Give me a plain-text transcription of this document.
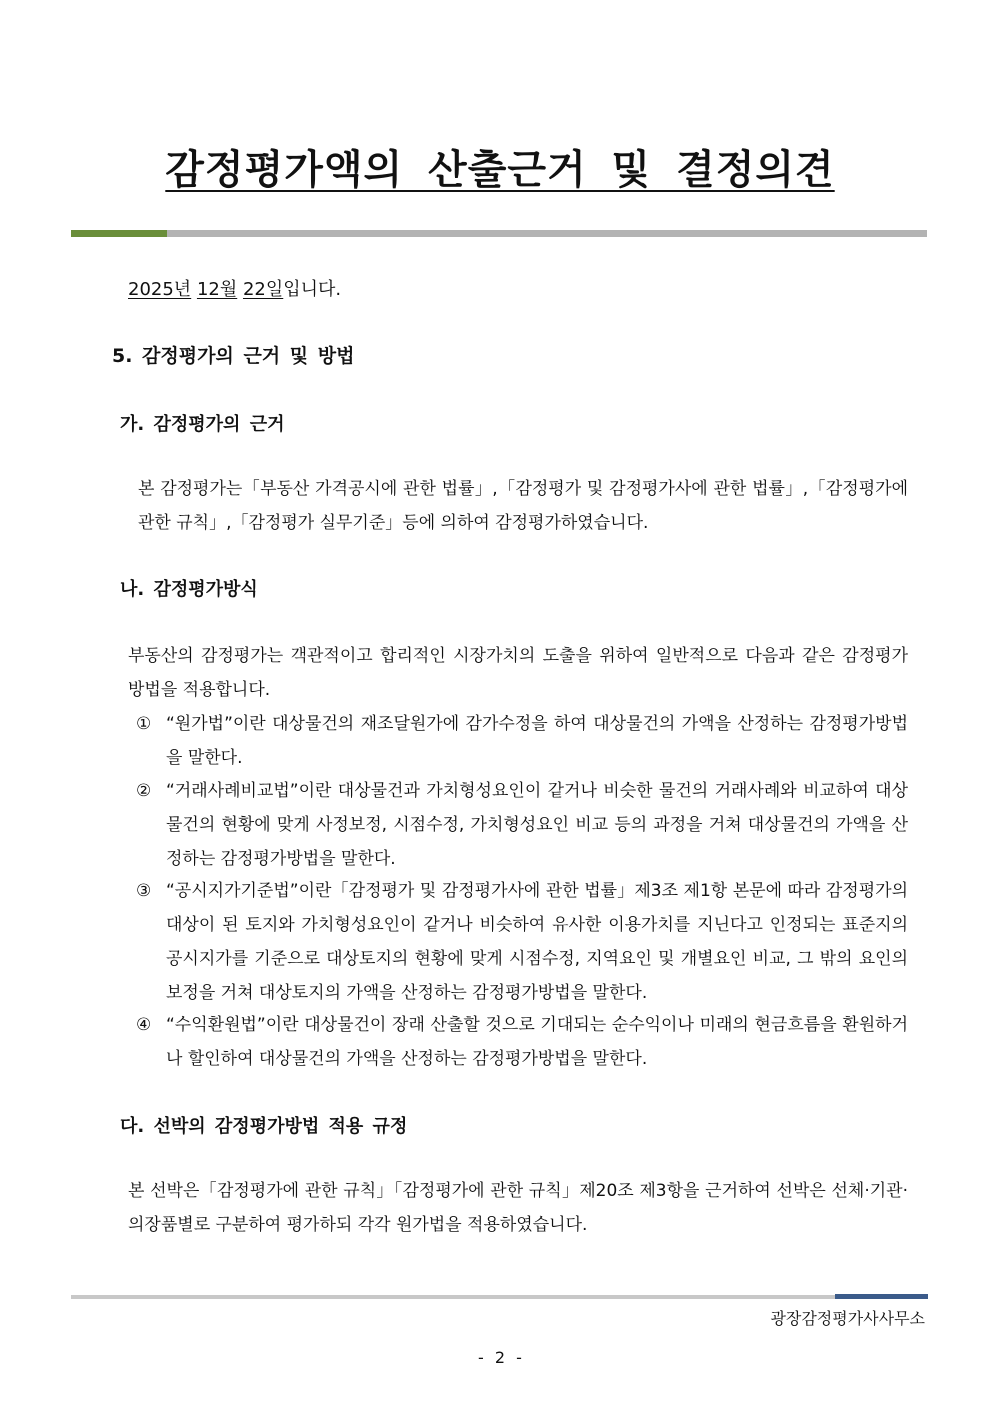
감정평가액의 산출근거 및 결정의견
2025년 12월 22일입니다.
5. 감정평가의 근거 및 방법
가. 감정평가의 근거
본 감정평가는「부동산 가격공시에 관한 법률」,「감정평가 및 감정평가사에 관한 법률」,「감정평가에 관한 규칙」,「감정평가 실무기준」등에 의하여 감정평가하였습니다.
나. 감정평가방식
부동산의 감정평가는 객관적이고 합리적인 시장가치의 도출을 위하여 일반적으로 다음과 같은 감정평가 방법을 적용합니다.
① “원가법”이란 대상물건의 재조달원가에 감가수정을 하여 대상물건의 가액을 산정하는 감정평가방법을 말한다.
② “거래사례비교법”이란 대상물건과 가치형성요인이 같거나 비슷한 물건의 거래사례와 비교하여 대상물건의 현황에 맞게 사정보정, 시점수정, 가치형성요인 비교 등의 과정을 거쳐 대상물건의 가액을 산정하는 감정평가방법을 말한다.
③ “공시지가기준법”이란「감정평가 및 감정평가사에 관한 법률」제3조 제1항 본문에 따라 감정평가의 대상이 된 토지와 가치형성요인이 같거나 비슷하여 유사한 이용가치를 지닌다고 인정되는 표준지의 공시지가를 기준으로 대상토지의 현황에 맞게 시점수정, 지역요인 및 개별요인 비교, 그 밖의 요인의 보정을 거쳐 대상토지의 가액을 산정하는 감정평가방법을 말한다.
④ “수익환원법”이란 대상물건이 장래 산출할 것으로 기대되는 순수익이나 미래의 현금흐름을 환원하거나 할인하여 대상물건의 가액을 산정하는 감정평가방법을 말한다.
다. 선박의 감정평가방법 적용 규정
본 선박은「감정평가에 관한 규칙」「감정평가에 관한 규칙」제20조 제3항을 근거하여 선박은 선체·기관·의장품별로 구분하여 평가하되 각각 원가법을 적용하였습니다.
광장감정평가사사무소
- 2 -
